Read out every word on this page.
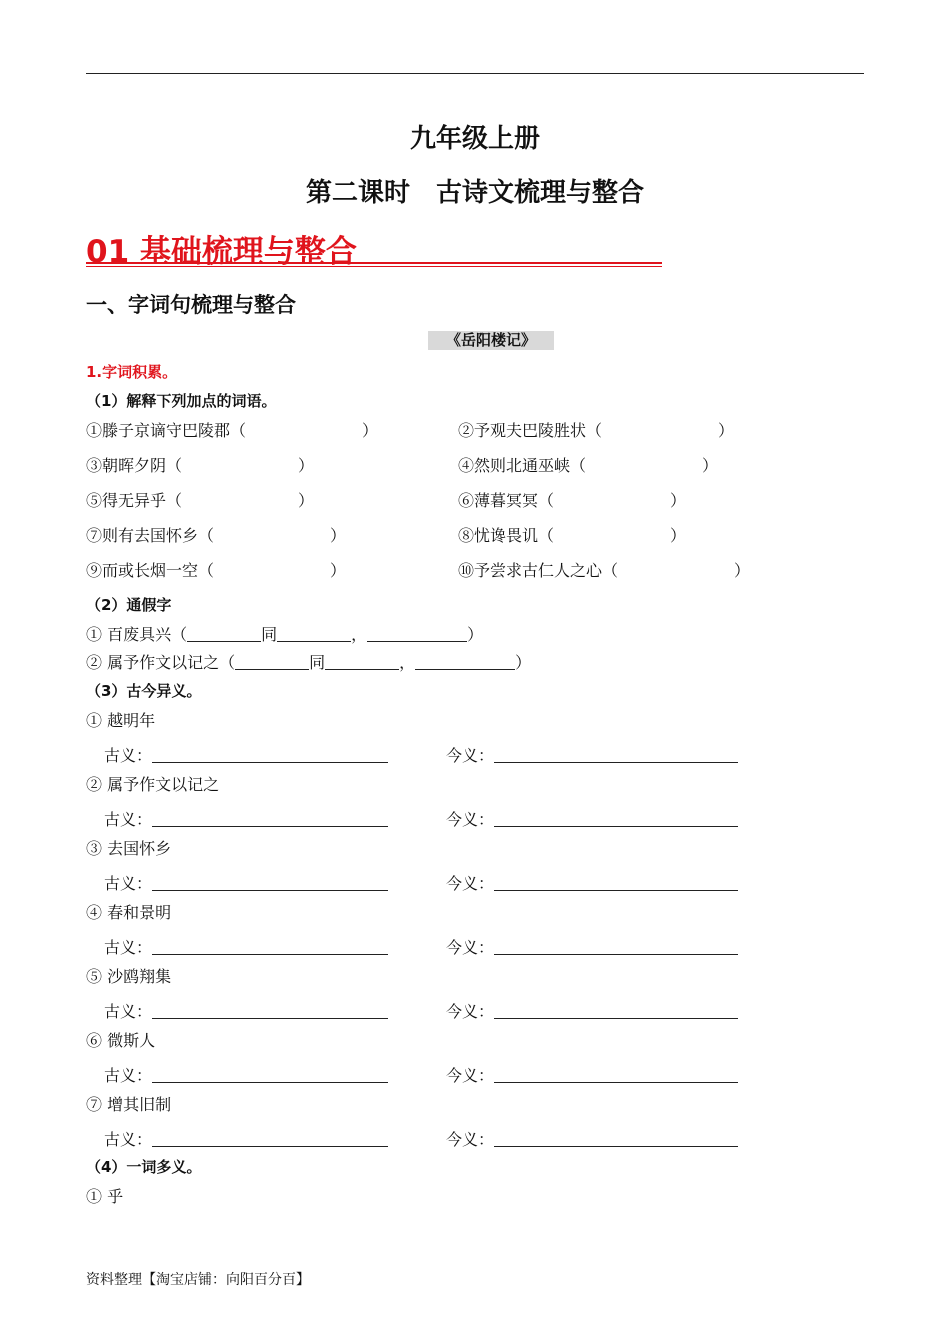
九年级上册
第二课时　古诗文梳理与整合
01 基础梳理与整合
一、字词句梳理与整合
《岳阳楼记》
1.字词积累。
（1）解释下列加点的词语。
①滕子京谪守巴陵郡（	）	②予观夫巴陵胜状（	）
③朝晖夕阴（	）	④然则北通巫峡（	）
⑤得无异乎（	）	⑥薄暮冥冥（	）
⑦则有去国怀乡（	）	⑧忧谗畏讥（	）
⑨而或长烟一空（	）	⑩予尝求古仁人之心（	）
（2）通假字
① 百废具兴（	同	，	）
② 属予作文以记之（	同	，	）
（3）古今异义。
① 越明年
古义：	今义：
② 属予作文以记之
古义：	今义：
③ 去国怀乡
古义：	今义：
④ 春和景明
古义：	今义：
⑤ 沙鸥翔集
古义：	今义：
⑥ 微斯人
古义：	今义：
⑦ 增其旧制
古义：	今义：
（4）一词多义。
① 乎
资料整理【淘宝店铺：向阳百分百】
